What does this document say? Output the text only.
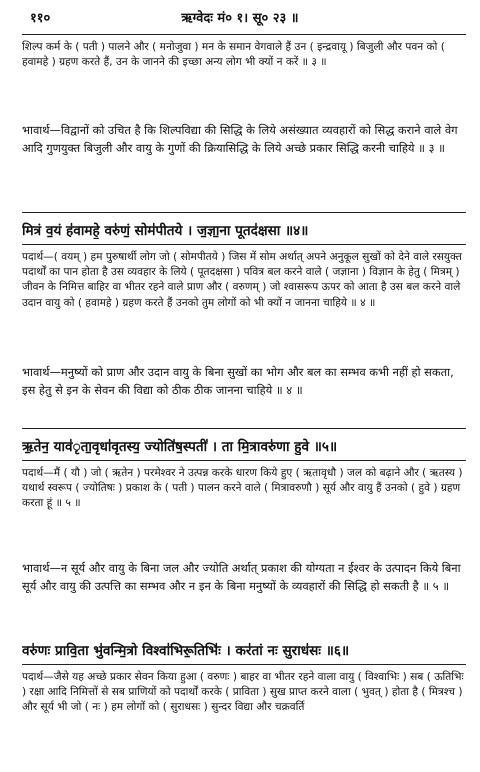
११०	ऋग्वेदः मं० १। सू० २३ ॥

शिल्प कर्म के ( पती ) पालने और ( मनोजुवा ) मन के समान वेगवाले हैं उन ( इन्द्रवायू ) बिजुली और पवन को ( हवामहे ) ग्रहण करते हैं, उन के जानने की इच्छा अन्य लोग भी क्यों न करें ॥ ३ ॥

भावार्थ—विद्वानों को उचित है कि शिल्पविद्या की सिद्धि के लिये असंख्यात व्यवहारों को सिद्ध कराने वाले वेग आदि गुणयुक्त बिजुली और वायु के गुणों की क्रियासिद्धि के लिये अच्छे प्रकार सिद्धि करनी चाहिये ॥ ३ ॥

मित्रं व॒यं ह॑वामहे॒ वरु॑णं॒ सोम॑पीतये । ज॒ज्ञा॒ना पू॒तद॑क्षसा ॥४॥

पदार्थ—( वयम् ) हम पुरुषार्थी लोग जो ( सोमपीतये ) जिस में सोम अर्थात् अपने अनुकूल सुखों को देने वाले रसयुक्त पदार्थों का पान होता है उस व्यवहार के लिये ( पूतदक्षसा ) पवित्र बल करने वाले ( जज्ञाना ) विज्ञान के हेतु ( मित्रम् ) जीवन के निमित्त बाहिर वा भीतर रहने वाले प्राण और ( वरुणम् ) जो श्वासरूप ऊपर को आता है उस बल करने वाले उदान वायु को ( हवामहे ) ग्रहण करते हैं उनको तुम लोगों को भी क्यों न जानना चाहिये ॥ ४ ॥

भावार्थ—मनुष्यों को प्राण और उदान वायु के बिना सुखों का भोग और बल का सम्भव कभी नहीं हो सकता, इस हेतु से इन के सेवन की विद्या को ठीक ठीक जानना चाहिये ॥ ४ ॥

ऋ॒तेन॒ याव॑ृता॒वृधा॑वृ॒तस्य॒ ज्योति॑ष॒स्पती॑ । ता मि॒त्रावरु॑णा हुवे ॥५॥

पदार्थ—मैं ( यौ ) जो ( ऋतेन ) परमेश्वर ने उत्पन्न करके धारण किये हुए ( ऋतावृधौ ) जल को बढ़ाने और ( ऋतस्य ) यथार्थ स्वरूप ( ज्योतिषः ) प्रकाश के ( पती ) पालन करने वाले ( मित्रावरुणौ ) सूर्य और वायु हैं उनको ( हुवे ) ग्रहण करता हूं ॥ ५ ॥

भावार्थ—न सूर्य और वायु के बिना जल और ज्योति अर्थात् प्रकाश की योग्यता न ईश्वर के उत्पादन किये बिना सूर्य और वायु की उत्पत्ति का सम्भव और न इन के बिना मनुष्यों के व्यवहारों की सिद्धि हो सकती है ॥ ५ ॥

वरु॑णः प्रावि॒ता भु॑वन्मि॒त्रो विश्वा॑भिरू॒तिभिः॑ । कर॑तां नः सु॒राध॑सः ॥६॥

पदार्थ—जैसे यह अच्छे प्रकार सेवन किया हुआ ( वरुणः ) बाहर वा भीतर रहने वाला वायु ( विश्वाभिः ) सब ( ऊतिभिः ) रक्षा आदि निमित्तों से सब प्राणियों को पदार्थों करके ( प्राविता ) सुख प्राप्त करने वाला ( भुवत् ) होता है ( मित्रश्च ) और सूर्य भी जो ( नः ) हम लोगों को ( सुराधसः ) सुन्दर विद्या और चक्रवर्ति
